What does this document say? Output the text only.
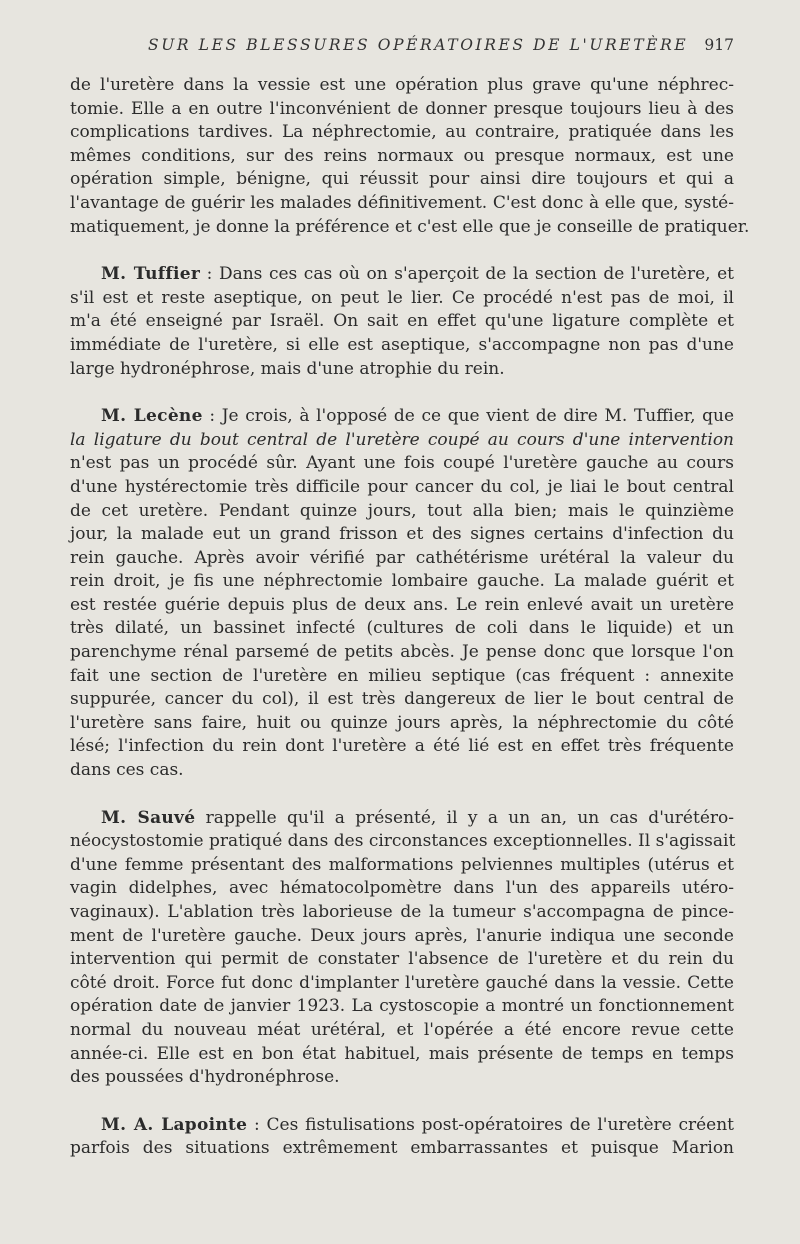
SUR LES BLESSURES OPÉRATOIRES DE L'URETÈRE 917
de l'uretère dans la vessie est une opération plus grave qu'une néphrec-
tomie. Elle a en outre l'inconvénient de donner presque toujours lieu à des
complications tardives. La néphrectomie, au contraire, pratiquée dans les
mêmes conditions, sur des reins normaux ou presque normaux, est une
opération simple, bénigne, qui réussit pour ainsi dire toujours et qui a
l'avantage de guérir les malades définitivement. C'est donc à elle que, systé-
matiquement, je donne la préférence et c'est elle que je conseille de pratiquer.
M. Tuffier : Dans ces cas où on s'aperçoit de la section de l'uretère, et
s'il est et reste aseptique, on peut le lier. Ce procédé n'est pas de moi, il
m'a été enseigné par Israël. On sait en effet qu'une ligature complète et
immédiate de l'uretère, si elle est aseptique, s'accompagne non pas d'une
large hydronéphrose, mais d'une atrophie du rein.
M. Lecène : Je crois, à l'opposé de ce que vient de dire M. Tuffier, que
la ligature du bout central de l'uretère coupé au cours d'une intervention
n'est pas un procédé sûr. Ayant une fois coupé l'uretère gauche au cours
d'une hystérectomie très difficile pour cancer du col, je liai le bout central
de cet uretère. Pendant quinze jours, tout alla bien; mais le quinzième
jour, la malade eut un grand frisson et des signes certains d'infection du
rein gauche. Après avoir vérifié par cathétérisme urétéral la valeur du
rein droit, je fis une néphrectomie lombaire gauche. La malade guérit et
est restée guérie depuis plus de deux ans. Le rein enlevé avait un uretère
très dilaté, un bassinet infecté (cultures de coli dans le liquide) et un
parenchyme rénal parsemé de petits abcès. Je pense donc que lorsque l'on
fait une section de l'uretère en milieu septique (cas fréquent : annexite
suppurée, cancer du col), il est très dangereux de lier le bout central de
l'uretère sans faire, huit ou quinze jours après, la néphrectomie du côté
lésé; l'infection du rein dont l'uretère a été lié est en effet très fréquente
dans ces cas.
M. Sauvé rappelle qu'il a présenté, il y a un an, un cas d'urétéro-
néocystostomie pratiqué dans des circonstances exceptionnelles. Il s'agissait
d'une femme présentant des malformations pelviennes multiples (utérus et
vagin didelphes, avec hématocolpomètre dans l'un des appareils utéro-
vaginaux). L'ablation très laborieuse de la tumeur s'accompagna de pince-
ment de l'uretère gauche. Deux jours après, l'anurie indiqua une seconde
intervention qui permit de constater l'absence de l'uretère et du rein du
côté droit. Force fut donc d'implanter l'uretère gauché dans la vessie. Cette
opération date de janvier 1923. La cystoscopie a montré un fonctionnement
normal du nouveau méat urétéral, et l'opérée a été encore revue cette
année-ci. Elle est en bon état habituel, mais présente de temps en temps
des poussées d'hydronéphrose.
M. A. Lapointe : Ces fistulisations post-opératoires de l'uretère créent
parfois des situations extrêmement embarrassantes et puisque Marion
